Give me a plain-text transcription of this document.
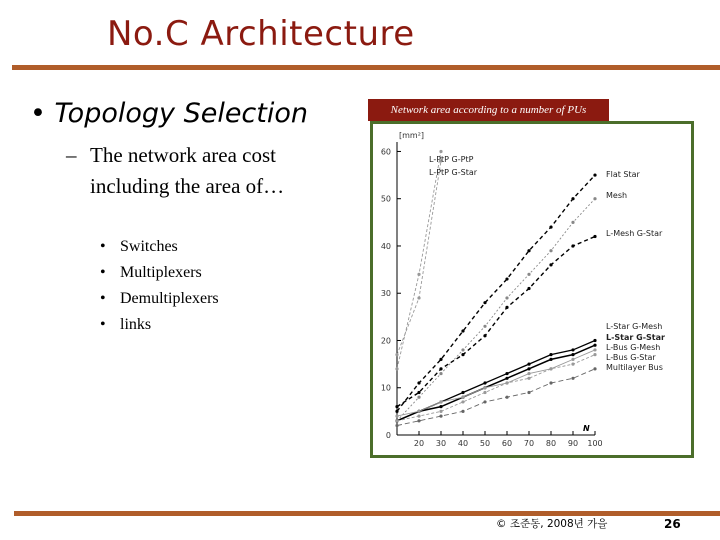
No.C Architecture
• Topology Selection
– The network area cost including the area of…
• Switches
• Multiplexers
• Demultiplexers
• links
Network area according to a number of PUs
0
10
20
30
40
50
60
20 30 40 50 60 70 80 90 100
[mm²]
N
L-PtP G-PtP
L-PtP G-Star	Flat Star
Mesh
L-Mesh G-Star
L-Star G-Mesh
L-Star G-Star
L-Bus G-Mesh
L-Bus G-Star
Multilayer Bus
© 조준동, 2008년 가을	26
